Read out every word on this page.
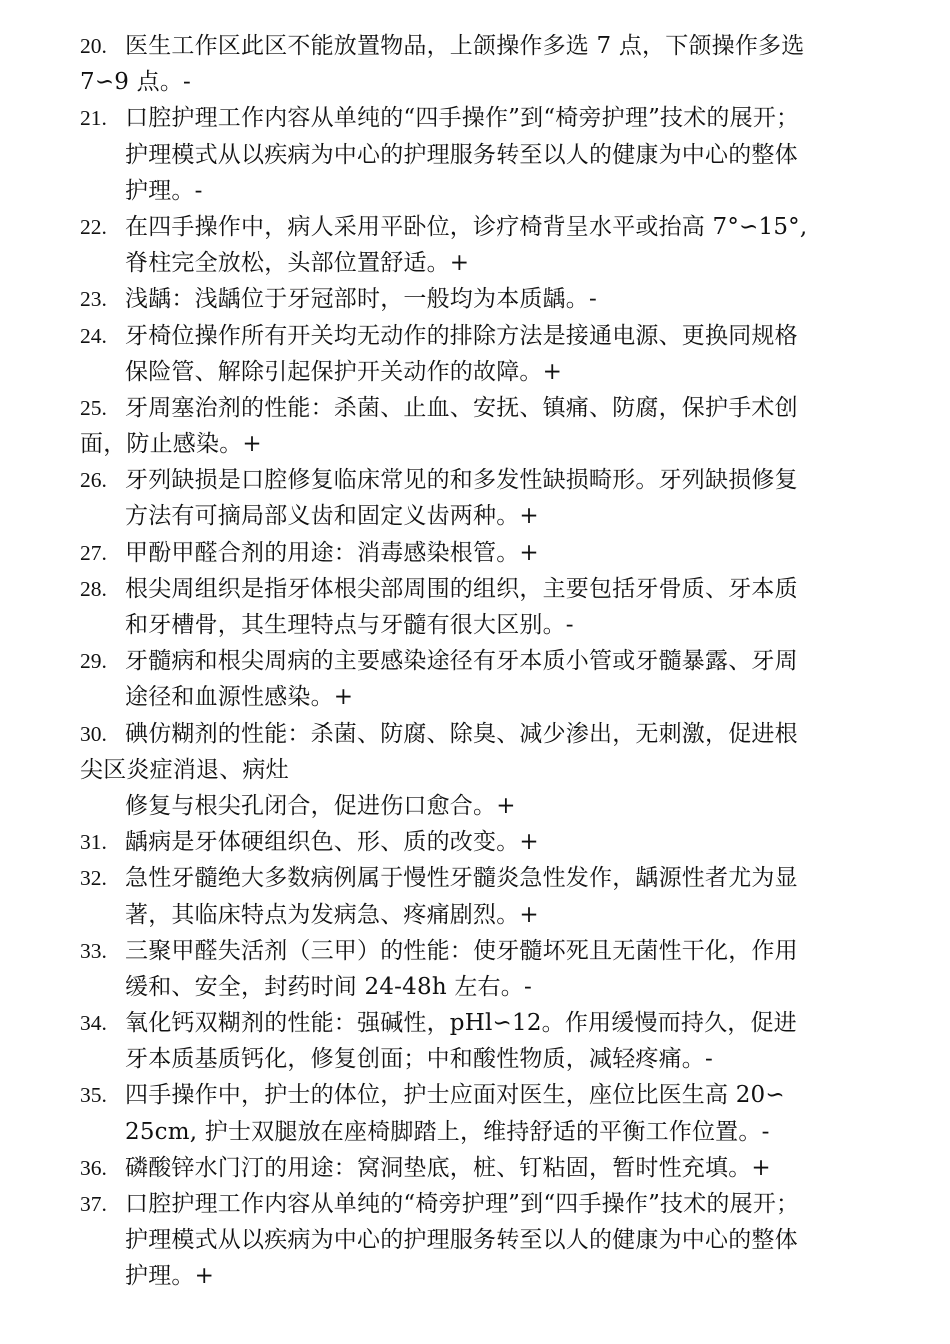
20. 医生工作区此区不能放置物品，上颌操作多选 7 点，下颌操作多选
7∽9 点。-
21. 口腔护理工作内容从单纯的“四手操作”到“椅旁护理”技术的展开；
护理模式从以疾病为中心的护理服务转至以人的健康为中心的整体
护理。-
22. 在四手操作中，病人采用平卧位，诊疗椅背呈水平或抬高 7°∽15°,
脊柱完全放松，头部位置舒适。+
23. 浅龋：浅龋位于牙冠部时，一般均为本质龋。-
24. 牙椅位操作所有开关均无动作的排除方法是接通电源、更换同规格
保险管、解除引起保护开关动作的故障。+
25. 牙周塞治剂的性能：杀菌、止血、安抚、镇痛、防腐，保护手术创
面，防止感染。+
26. 牙列缺损是口腔修复临床常见的和多发性缺损畸形。牙列缺损修复
方法有可摘局部义齿和固定义齿两种。+
27. 甲酚甲醛合剂的用途：消毒感染根管。+
28. 根尖周组织是指牙体根尖部周围的组织，主要包括牙骨质、牙本质
和牙槽骨，其生理特点与牙髓有很大区别。-
29. 牙髓病和根尖周病的主要感染途径有牙本质小管或牙髓暴露、牙周
途径和血源性感染。+
30. 碘仿糊剂的性能：杀菌、防腐、除臭、减少渗出，无刺激，促进根
尖区炎症消退、病灶
修复与根尖孔闭合，促进伤口愈合。+
31. 龋病是牙体硬组织色、形、质的改变。+
32. 急性牙髓绝大多数病例属于慢性牙髓炎急性发作，龋源性者尤为显
著，其临床特点为发病急、疼痛剧烈。+
33. 三聚甲醛失活剂（三甲）的性能：使牙髓坏死且无菌性干化，作用
缓和、安全，封药时间 24-48h 左右。-
34. 氧化钙双糊剂的性能：强碱性，pHl∽12。作用缓慢而持久，促进
牙本质基质钙化，修复创面；中和酸性物质，减轻疼痛。-
35. 四手操作中，护士的体位，护士应面对医生，座位比医生高 20∽
25cm, 护士双腿放在座椅脚踏上，维持舒适的平衡工作位置。-
36. 磷酸锌水门汀的用途：窝洞垫底，桩、钉粘固，暂时性充填。+
37. 口腔护理工作内容从单纯的“椅旁护理”到“四手操作”技术的展开；
护理模式从以疾病为中心的护理服务转至以人的健康为中心的整体
护理。+
